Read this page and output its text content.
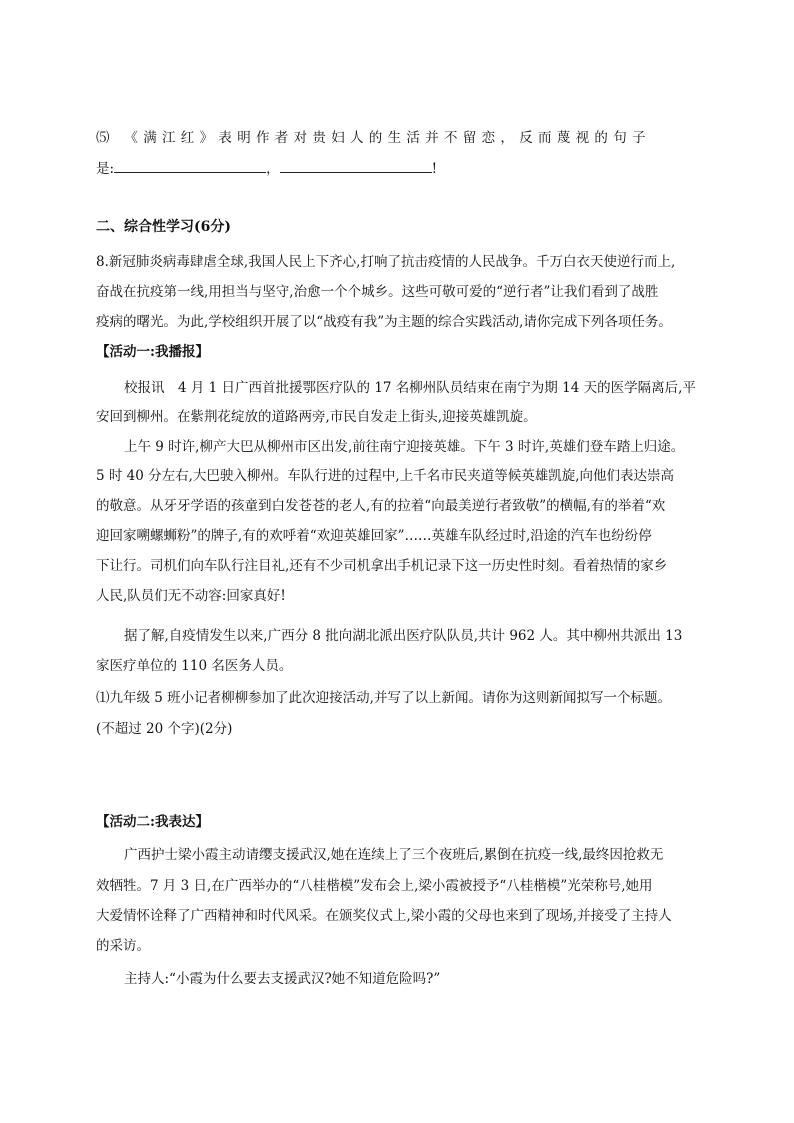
⑸ 《满江红》表明作者对贵妇人的生活并不留恋，反而蔑视的句子
是:	，	!
二、综合性学习(6分)
8.新冠肺炎病毒肆虐全球,我国人民上下齐心,打响了抗击疫情的人民战争。千万白衣天使逆行而上,
奋战在抗疫第一线,用担当与坚守,治愈一个个城乡。这些可敬可爱的“逆行者”让我们看到了战胜
疫病的曙光。为此,学校组织开展了以“战疫有我”为主题的综合实践活动,请你完成下列各项任务。
【活动一:我播报】
校报讯　4 月 1 日广西首批援鄂医疗队的 17 名柳州队员结束在南宁为期 14 天的医学隔离后,平
安回到柳州。在紫荆花绽放的道路两旁,市民自发走上街头,迎接英雄凯旋。
上午 9 时许,柳产大巴从柳州市区出发,前往南宁迎接英雄。下午 3 时许,英雄们登车踏上归途。
5 时 40 分左右,大巴驶入柳州。车队行进的过程中,上千名市民夹道等候英雄凯旋,向他们表达崇高
的敬意。从牙牙学语的孩童到白发苍苍的老人,有的拉着“向最美逆行者致敬”的横幅,有的举着“欢
迎回家嗍螺蛳粉”的牌子,有的欢呼着“欢迎英雄回家”……英雄车队经过时,沿途的汽车也纷纷停
下让行。司机们向车队行注目礼,还有不少司机拿出手机记录下这一历史性时刻。看着热情的家乡
人民,队员们无不动容:回家真好!
据了解,自疫情发生以来,广西分 8 批向湖北派出医疗队队员,共计 962 人。其中柳州共派出 13
家医疗单位的 110 名医务人员。
⑴九年级 5 班小记者柳柳参加了此次迎接活动,并写了以上新闻。请你为这则新闻拟写一个标题。
(不超过 20 个字)(2分)
【活动二:我表达】
广西护士梁小霞主动请缨支援武汉,她在连续上了三个夜班后,累倒在抗疫一线,最终因抢救无
效牺牲。7 月 3 日,在广西举办的“八桂楷模”发布会上,梁小霞被授予“八桂楷模”光荣称号,她用
大爱情怀诠释了广西精神和时代风采。在颁奖仪式上,梁小霞的父母也来到了现场,并接受了主持人
的采访。
主持人:“小霞为什么要去支援武汉?她不知道危险吗?”
